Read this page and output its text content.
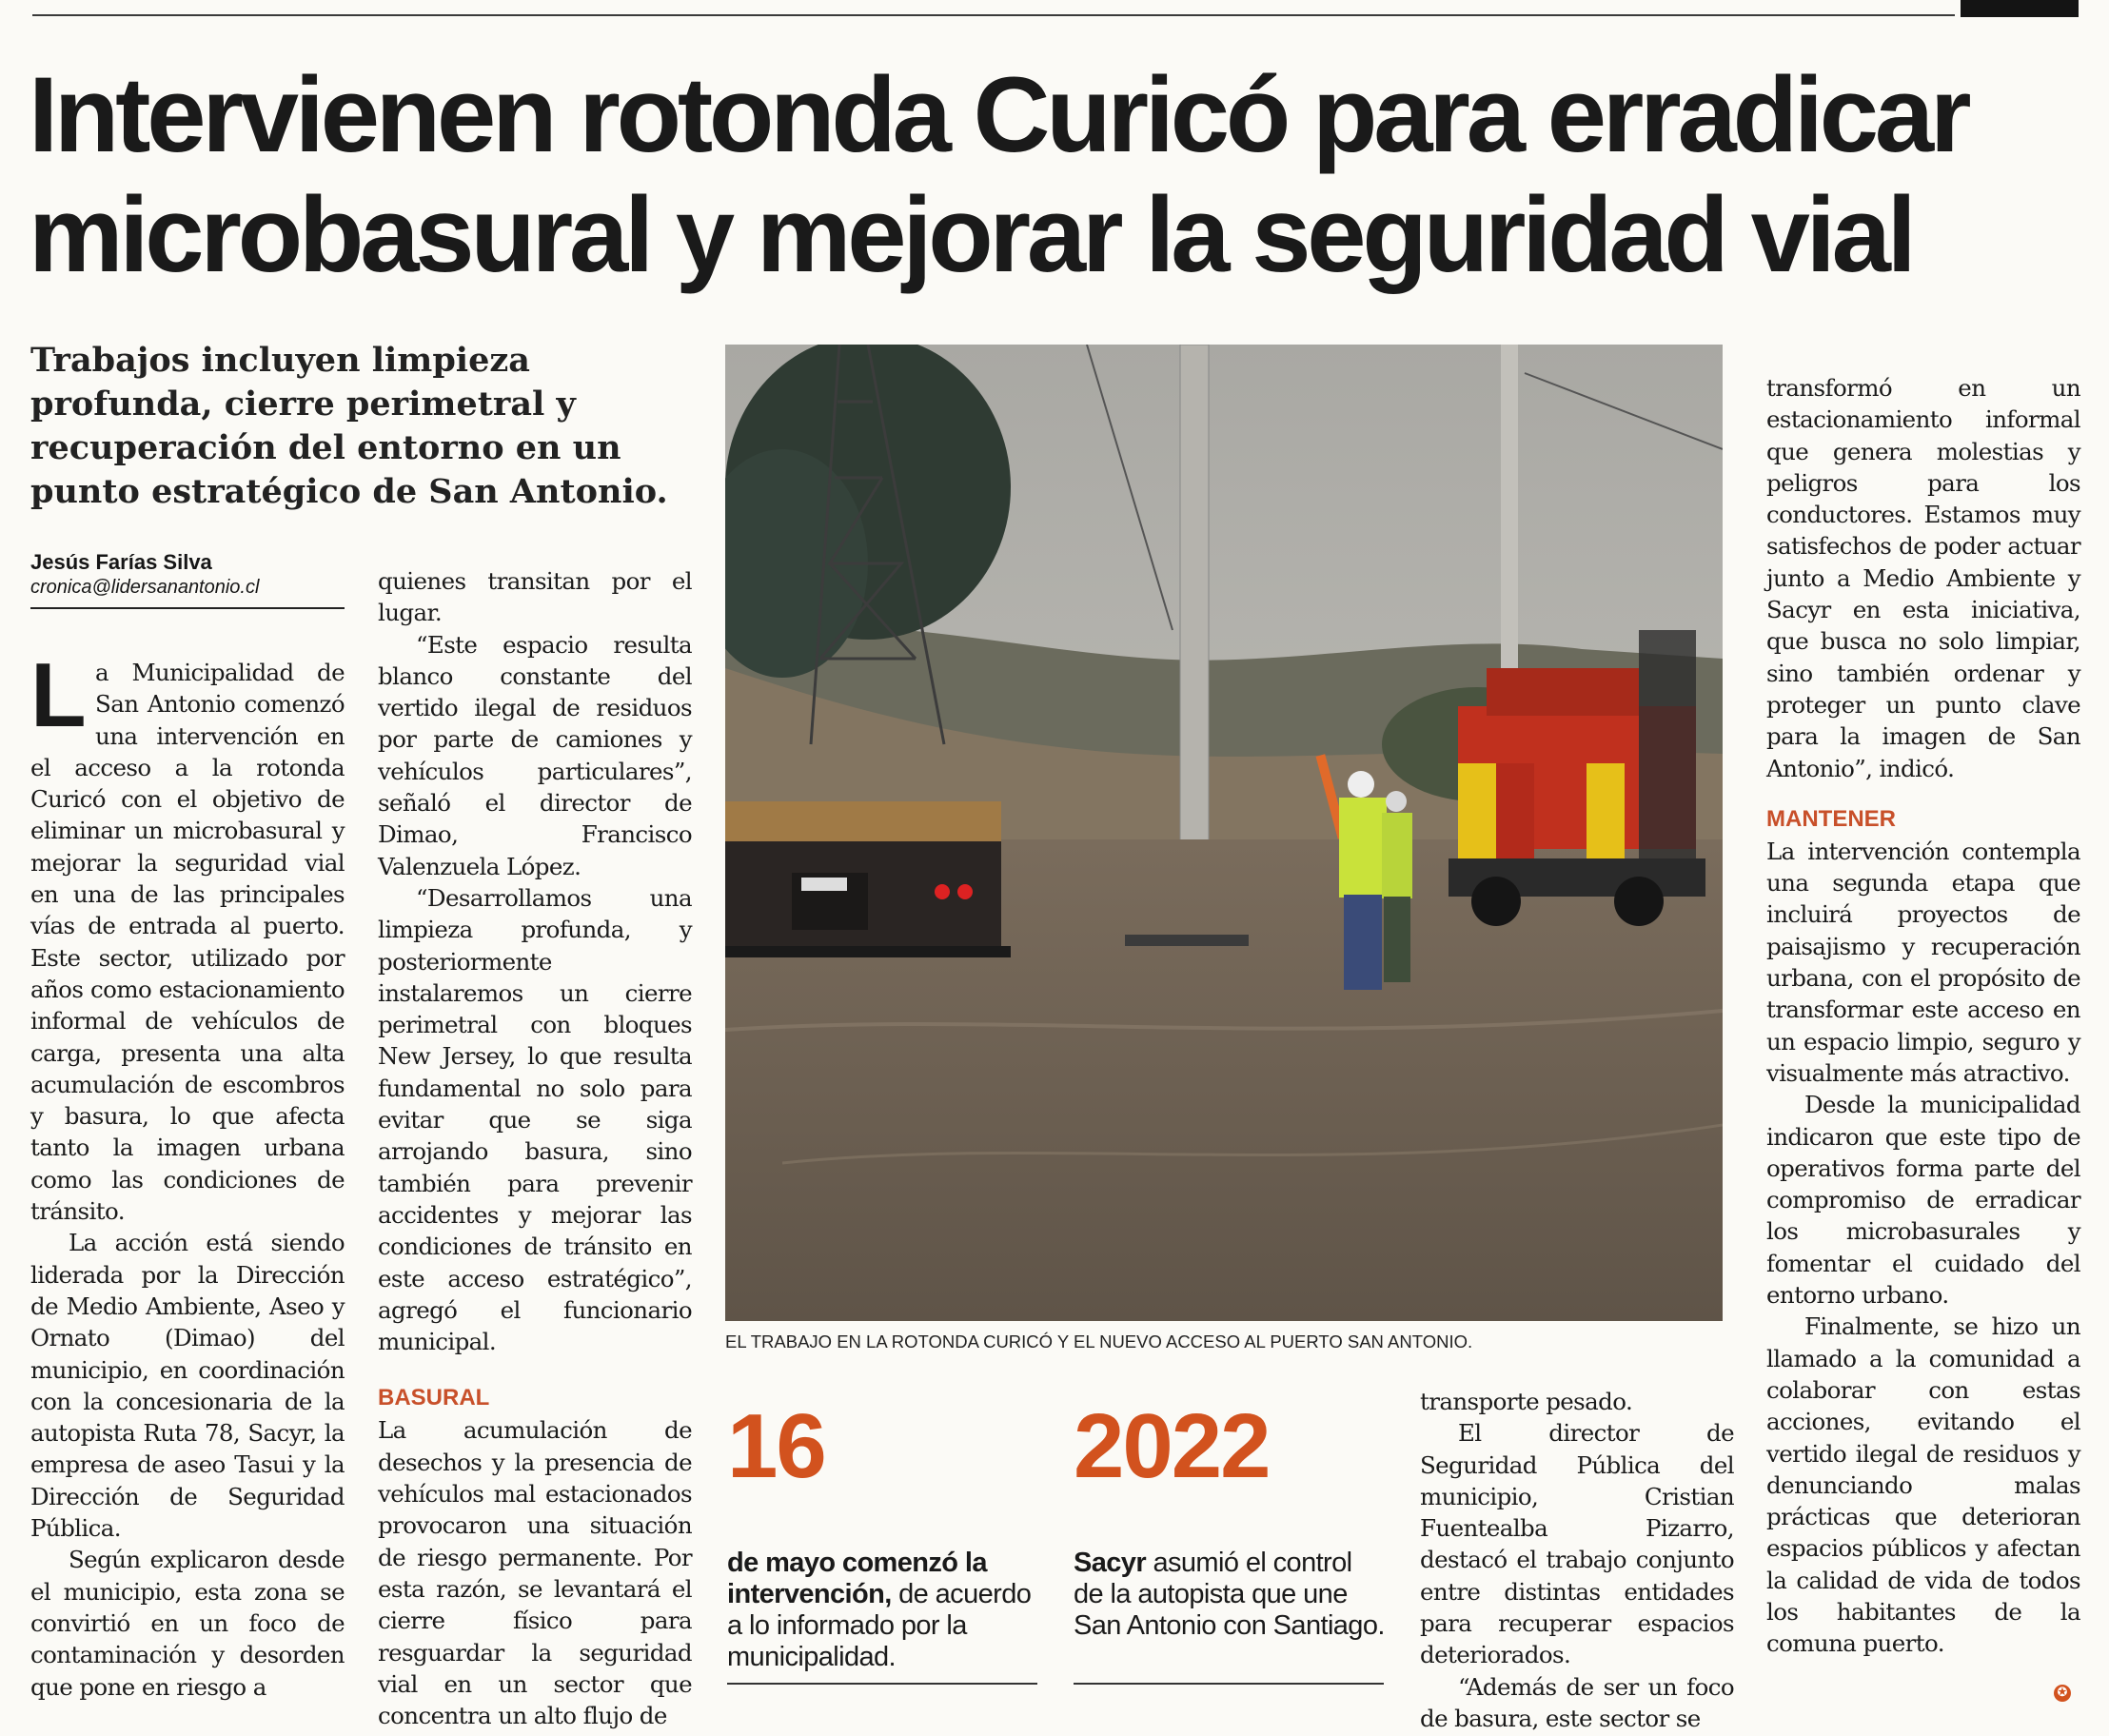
Intervienen rotonda Curicó para erradicar
microbasural y mejorar la seguridad vial
Trabajos incluyen limpieza profunda, cierre perimetral y recuperación del entorno en un punto estratégico de San Antonio.
Jesús Farías Silva
cronica@lidersanantonio.cl

La Municipalidad de San Antonio comenzó una intervención en el acceso a la rotonda Curicó con el objetivo de eliminar un microbasural y mejorar la seguridad vial en una de las principales vías de entrada al puerto. Este sector, utilizado por años como estacionamiento informal de vehículos de carga, presenta una alta acumulación de escombros y basura, lo que afecta tanto la imagen urbana como las condiciones de tránsito.

La acción está siendo liderada por la Dirección de Medio Ambiente, Aseo y Ornato (Dimao) del municipio, en coordinación con la concesionaria de la autopista Ruta 78, Sacyr, la empresa de aseo Tasui y la Dirección de Seguridad Pública.

Según explicaron desde el municipio, esta zona se convirtió en un foco de contaminación y desorden que pone en riesgo a

quienes transitan por el lugar.

“Este espacio resulta blanco constante del vertido ilegal de residuos por parte de camiones y vehículos particulares”, señaló el director de Dimao, Francisco Valenzuela López.

“Desarrollamos una limpieza profunda, y posteriormente instalaremos un cierre perimetral con bloques New Jersey, lo que resulta fundamental no solo para evitar que se siga arrojando basura, sino también para prevenir accidentes y mejorar las condiciones de tránsito en este acceso estratégico”, agregó el funcionario municipal.

BASURAL

La acumulación de desechos y la presencia de vehículos mal estacionados provocaron una situación de riesgo permanente. Por esta razón, se levantará el cierre físico para resguardar la seguridad vial en un sector que concentra un alto flujo de

EL TRABAJO EN LA ROTONDA CURICÓ Y EL NUEVO ACCESO AL PUERTO SAN ANTONIO.
16
de mayo comenzó la intervención, de acuerdo a lo informado por la municipalidad.
2022
Sacyr asumió el control de la autopista que une San Antonio con Santiago.

transporte pesado.

El director de Seguridad Pública del municipio, Cristian Fuentealba Pizarro, destacó el trabajo conjunto entre distintas entidades para recuperar espacios deteriorados.

“Además de ser un foco de basura, este sector se

transformó en un estacionamiento informal que genera molestias y peligros para los conductores. Estamos muy satisfechos de poder actuar junto a Medio Ambiente y Sacyr en esta iniciativa, que busca no solo limpiar, sino también ordenar y proteger un punto clave para la imagen de San Antonio”, indicó.

MANTENER

La intervención contempla una segunda etapa que incluirá proyectos de paisajismo y recuperación urbana, con el propósito de transformar este acceso en un espacio limpio, seguro y visualmente más atractivo.

Desde la municipalidad indicaron que este tipo de operativos forma parte del compromiso de erradicar los microbasurales y fomentar el cuidado del entorno urbano.

Finalmente, se hizo un llamado a la comunidad a colaborar con estas acciones, evitando el vertido ilegal de residuos y denunciando malas prácticas que deterioran espacios públicos y afectan la calidad de vida de todos los habitantes de la comuna puerto.

✪
